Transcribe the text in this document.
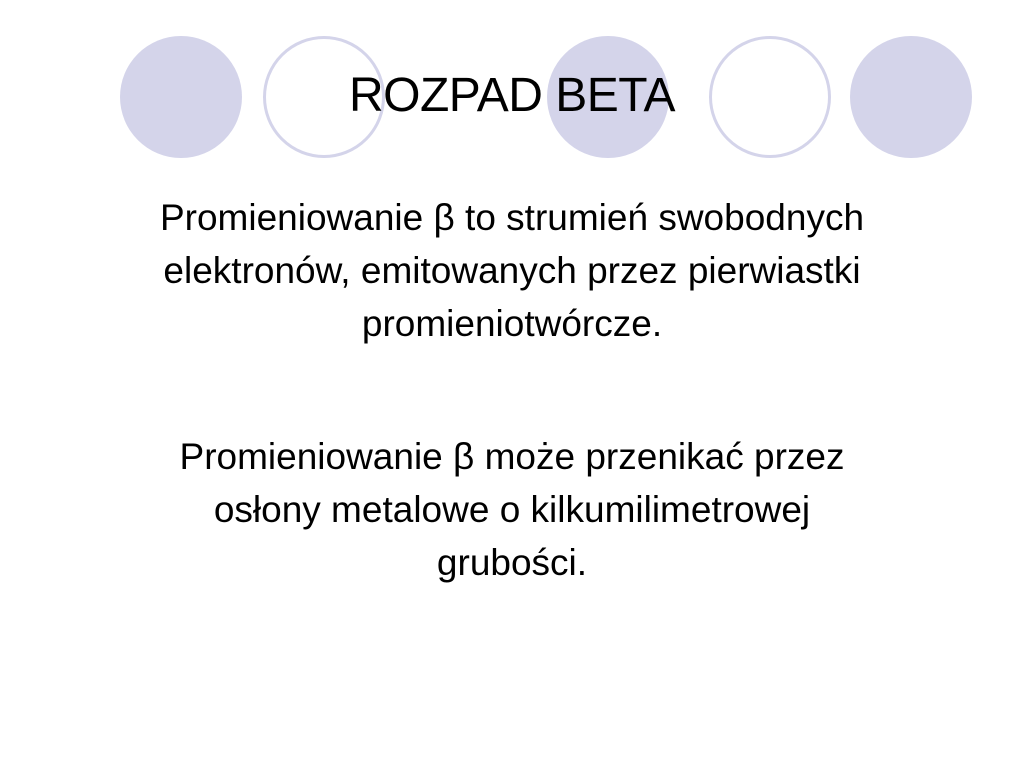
ROZPAD BETA

Promieniowanie β to strumień swobodnych
elektronów, emitowanych przez pierwiastki
promieniotwórcze.

Promieniowanie β może przenikać przez
osłony metalowe o kilkumilimetrowej
grubości.
